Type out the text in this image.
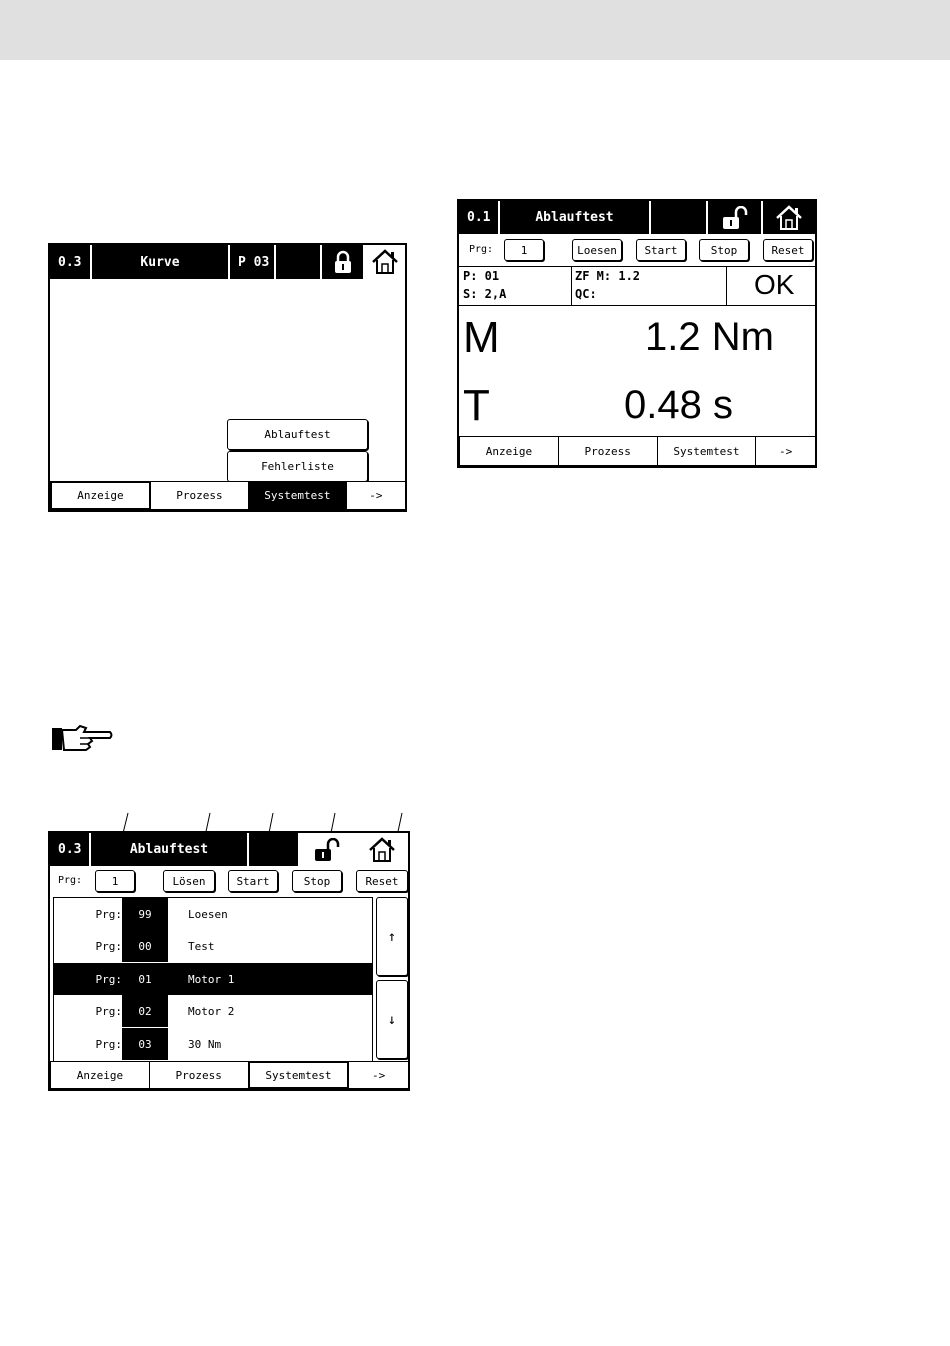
0.3	Kurve	P 03
Ablauftest
Fehlerliste
Anzeige	Prozess	Systemtest	->
0.1	Ablauftest
Prg:	1	Loesen	Start	Stop	Reset
P: 01
S: 2,A
ZF M: 1.2
QC:	OK
M	1.2 Nm
T	0.48 s
Anzeige	Prozess	Systemtest	->
0.3	Ablauftest
Prg:	1	Lösen	Start	Stop	Reset
Prg:	99	Loesen
Prg:	00	Test
Prg:	01	Motor 1
Prg:	02	Motor 2
Prg:	03	30 Nm
↑
↓
Anzeige	Prozess	Systemtest	->
